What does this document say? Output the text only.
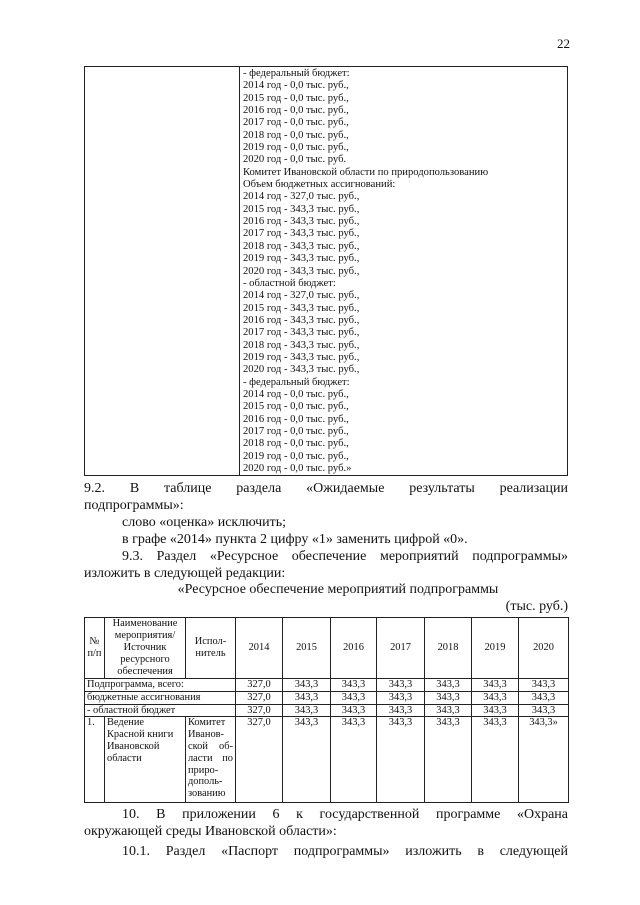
22
- федеральный бюджет:
2014 год - 0,0 тыс. руб.,
2015 год - 0,0 тыс. руб.,
2016 год - 0,0 тыс. руб.,
2017 год - 0,0 тыс. руб.,
2018 год - 0,0 тыс. руб.,
2019 год - 0,0 тыс. руб.,
2020 год - 0,0 тыс. руб.
Комитет Ивановской области по природопользованию
Объем бюджетных ассигнований:
2014 год - 327,0 тыс. руб.,
2015 год - 343,3 тыс. руб.,
2016 год - 343,3 тыс. руб.,
2017 год - 343,3 тыс. руб.,
2018 год - 343,3 тыс. руб.,
2019 год - 343,3 тыс. руб.,
2020 год - 343,3 тыс. руб.,
- областной бюджет:
2014 год - 327,0 тыс. руб.,
2015 год - 343,3 тыс. руб.,
2016 год - 343,3 тыс. руб.,
2017 год - 343,3 тыс. руб.,
2018 год - 343,3 тыс. руб.,
2019 год - 343,3 тыс. руб.,
2020 год - 343,3 тыс. руб.,
- федеральный бюджет:
2014 год - 0,0 тыс. руб.,
2015 год - 0,0 тыс. руб.,
2016 год - 0,0 тыс. руб.,
2017 год - 0,0 тыс. руб.,
2018 год - 0,0 тыс. руб.,
2019 год - 0,0 тыс. руб.,
2020 год - 0,0 тыс. руб.»
9.2. В таблице раздела «Ожидаемые результаты реализации
подпрограммы»:
слово «оценка» исключить;
в графе «2014» пункта 2 цифру «1» заменить цифрой «0».
9.3. Раздел «Ресурсное обеспечение мероприятий подпрограммы»
изложить в следующей редакции:
«Ресурсное обеспечение мероприятий подпрограммы
(тыс. руб.)
№ п/п	Наименование мероприятия/ Источник ресурсного обеспечения	Испол-нитель	2014	2015	2016	2017	2018	2019	2020
Подпрограмма, всего:			327,0	343,3	343,3	343,3	343,3	343,3	343,3
бюджетные ассигнования			327,0	343,3	343,3	343,3	343,3	343,3	343,3
- областной бюджет			327,0	343,3	343,3	343,3	343,3	343,3	343,3
1.	Ведение Красной книги Ивановской области	Комитет Иванов-ской об-ласти по приро-дополь-зованию	327,0	343,3	343,3	343,3	343,3	343,3	343,3»
10. В приложении 6 к государственной программе «Охрана
окружающей среды Ивановской области»:
10.1. Раздел «Паспорт подпрограммы» изложить в следующей
